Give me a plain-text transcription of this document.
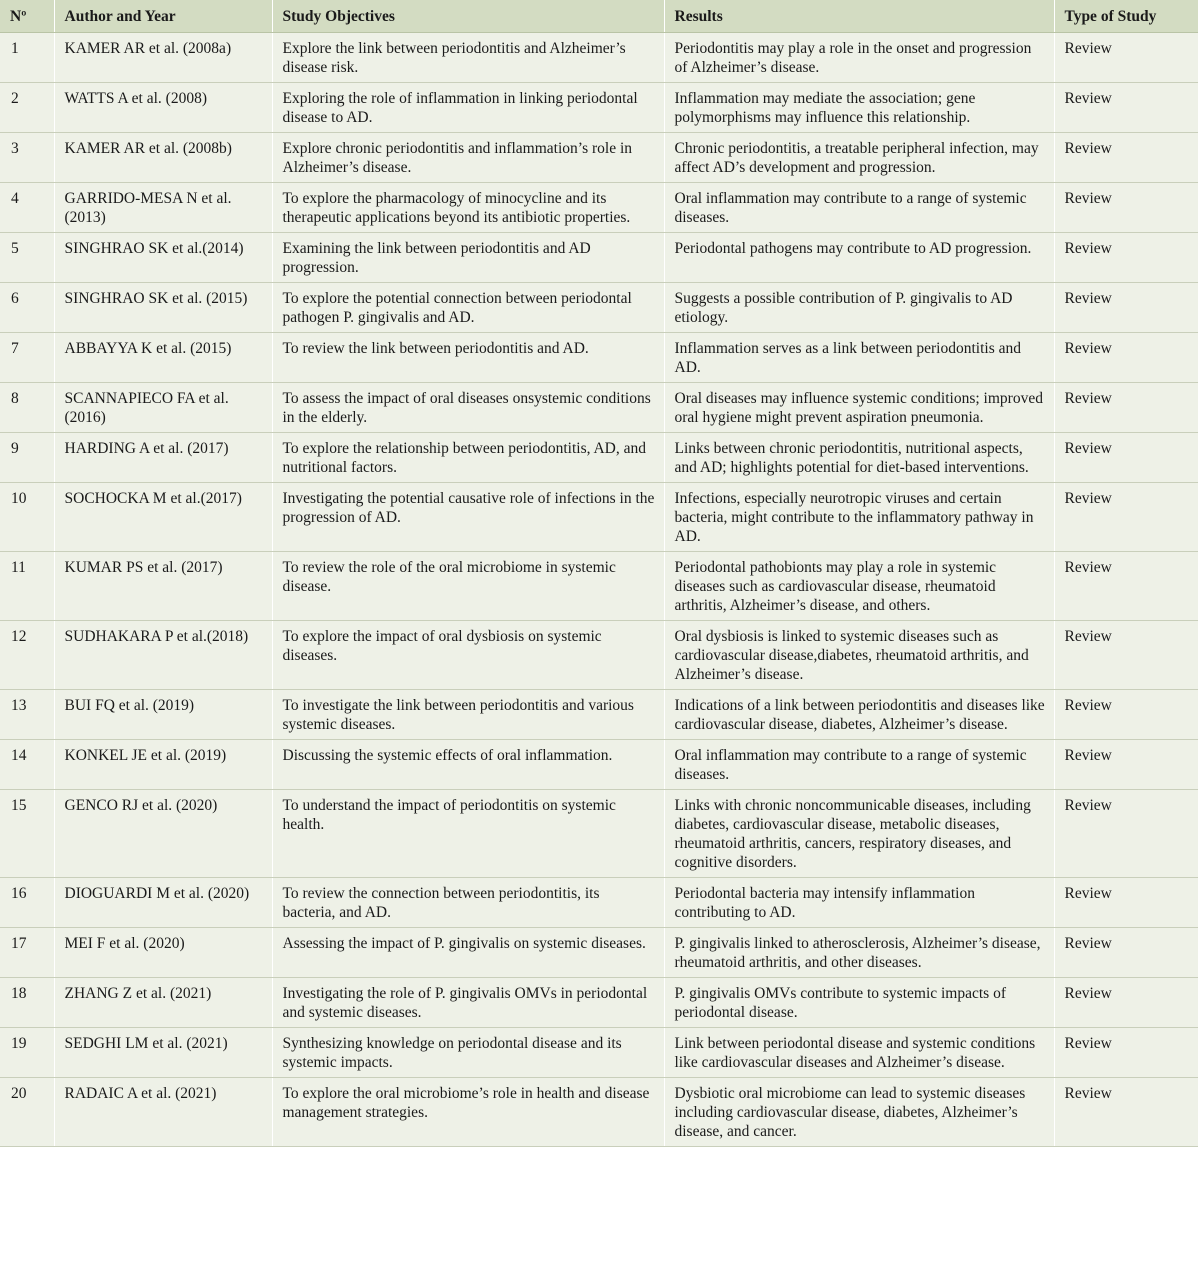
Nº	Author and Year	Study Objectives	Results	Type of Study
1	KAMER AR et al. (2008a)	Explore the link between periodontitis and Alzheimer’s disease risk.	Periodontitis may play a role in the onset and progression of Alzheimer’s disease.	Review
2	WATTS A et al. (2008)	Exploring the role of inflammation in linking periodontal disease to AD.	Inflammation may mediate the association; gene polymorphisms may influence this relationship.	Review
3	KAMER AR et al. (2008b)	Explore chronic periodontitis and inflammation’s role in Alzheimer’s disease.	Chronic periodontitis, a treatable peripheral infection, may affect AD’s development and progression.	Review
4	GARRIDO-MESA N et al.(2013)	To explore the pharmacology of minocycline and its therapeutic applications beyond its antibiotic properties.	Oral inflammation may contribute to a range of systemic diseases.	Review
5	SINGHRAO SK et al.(2014)	Examining the link between periodontitis and AD progression.	Periodontal pathogens may contribute to AD progression.	Review
6	SINGHRAO SK et al. (2015)	To explore the potential connection between periodontal pathogen P. gingivalis and AD.	Suggests a possible contribution of P. gingivalis to AD etiology.	Review
7	ABBAYYA K et al. (2015)	To review the link between periodontitis and AD.	Inflammation serves as a link between periodontitis and AD.	Review
8	SCANNAPIECO FA et al. (2016)	To assess the impact of oral diseases onsystemic conditions in the elderly.	Oral diseases may influence systemic conditions; improved oral hygiene might prevent aspiration pneumonia.	Review
9	HARDING A et al. (2017)	To explore the relationship between periodontitis, AD, and nutritional factors.	Links between chronic periodontitis, nutritional aspects, and AD; highlights potential for diet-based interventions.	Review
10	SOCHOCKA M et al.(2017)	Investigating the potential causative role of infections in the progression of AD.	Infections, especially neurotropic viruses and certain bacteria, might contribute to the inflammatory pathway in AD.	Review
11	KUMAR PS et al. (2017)	To review the role of the oral microbiome in systemic disease.	Periodontal pathobionts may play a role in systemic diseases such as cardiovascular disease, rheumatoid arthritis, Alzheimer’s disease, and others.	Review
12	SUDHAKARA P et al.(2018)	To explore the impact of oral dysbiosis on systemic diseases.	Oral dysbiosis is linked to systemic diseases such as cardiovascular disease,diabetes, rheumatoid arthritis, and Alzheimer’s disease.	Review
13	BUI FQ et al. (2019)	To investigate the link between periodontitis and various systemic diseases.	Indications of a link between periodontitis and diseases like cardiovascular disease, diabetes, Alzheimer’s disease.	Review
14	KONKEL JE et al. (2019)	Discussing the systemic effects of oral inflammation.	Oral inflammation may contribute to a range of systemic diseases.	Review
15	GENCO RJ et al. (2020)	To understand the impact of periodontitis on systemic health.	Links with chronic noncommunicable diseases, including diabetes, cardiovascular disease, metabolic diseases, rheumatoid arthritis, cancers, respiratory diseases, and cognitive disorders.	Review
16	DIOGUARDI M et al. (2020)	To review the connection between periodontitis, its bacteria, and AD.	Periodontal bacteria may intensify inflammation contributing to AD.	Review
17	MEI F et al. (2020)	Assessing the impact of P. gingivalis on systemic diseases.	P. gingivalis linked to atherosclerosis, Alzheimer’s disease, rheumatoid arthritis, and other diseases.	Review
18	ZHANG Z et al. (2021)	Investigating the role of P. gingivalis OMVs in periodontal and systemic diseases.	P. gingivalis OMVs contribute to systemic impacts of periodontal disease.	Review
19	SEDGHI LM et al. (2021)	Synthesizing knowledge on periodontal disease and its systemic impacts.	Link between periodontal disease and systemic conditions like cardiovascular diseases and Alzheimer’s disease.	Review
20	RADAIC A et al. (2021)	To explore the oral microbiome’s role in health and disease management strategies.	Dysbiotic oral microbiome can lead to systemic diseases including cardiovascular disease, diabetes, Alzheimer’s disease, and cancer.	Review
